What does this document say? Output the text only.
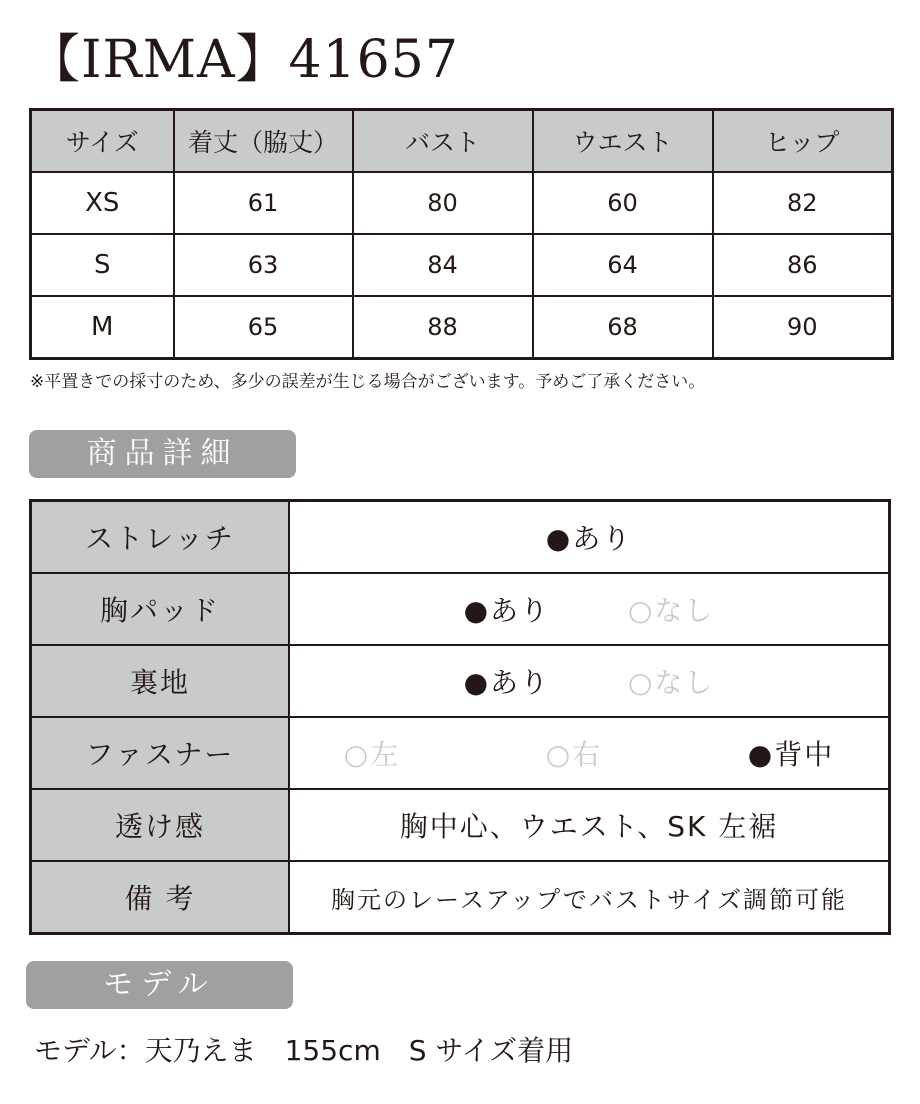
【IRMA】41657
サイズ	着丈（脇丈）	バスト	ウエスト	ヒップ
XS	61	80	60	82
S	63	84	64	86
M	65	88	68	90
※平置きでの採寸のため、多少の誤差が生じる場合がございます。予めご了承ください。
商品詳細
ストレッチ	●あり
胸パッド	●あり ○なし

裏地	●あり ○なし

ファスナー	○左 ○右 ●背中

透け感	胸中心、ウエスト、SK 左裾
備 考	胸元のレースアップでバストサイズ調節可能
モデル
モデル：天乃えま　155cm　S サイズ着用
